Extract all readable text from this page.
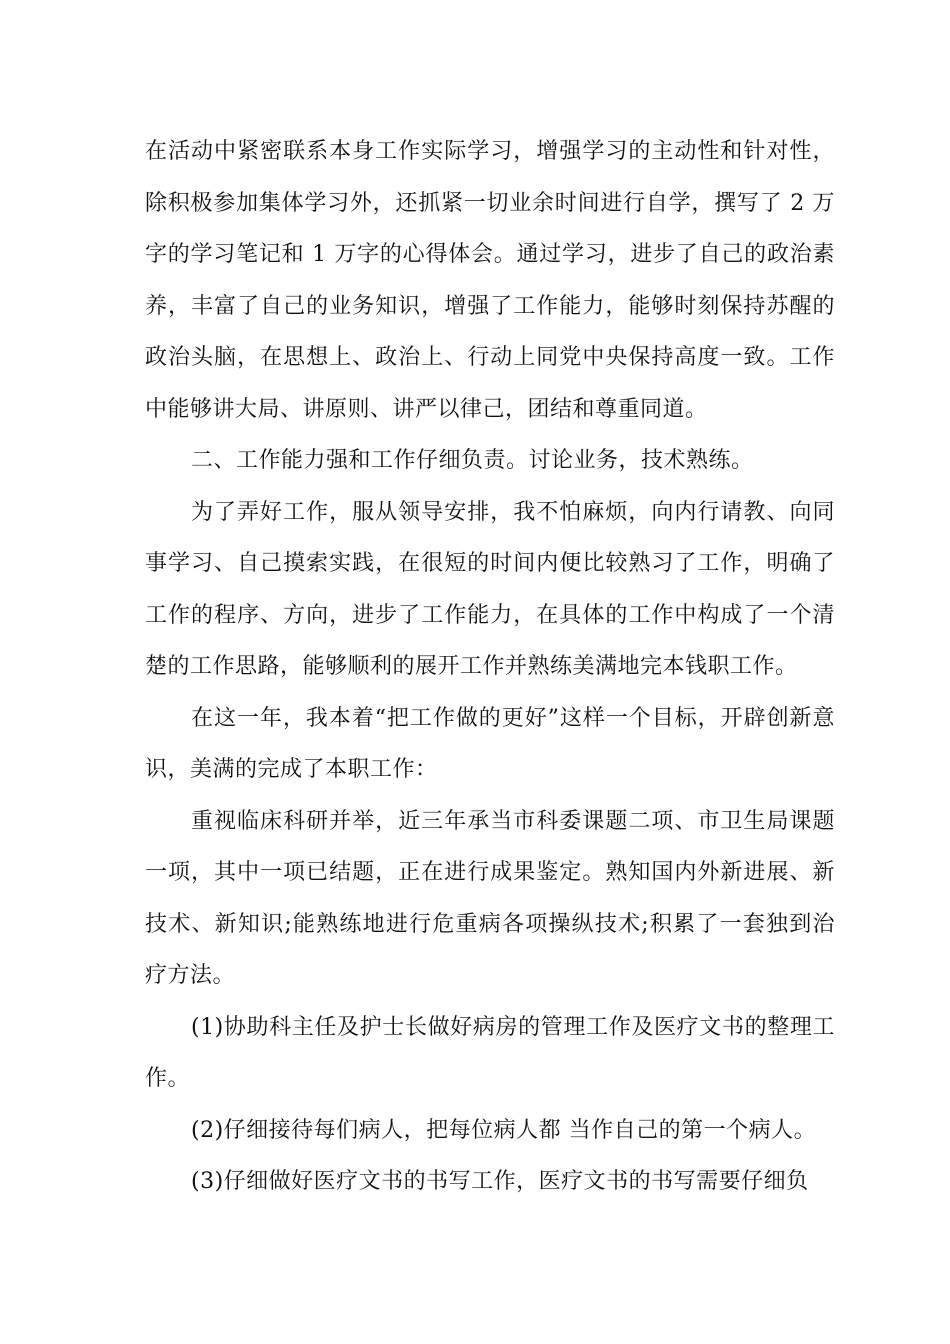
在活动中紧密联系本身工作实际学习，增强学习的主动性和针对性，除积极参加集体学习外，还抓紧一切业余时间进行自学，撰写了 2 万字的学习笔记和 1 万字的心得体会。通过学习，进步了自己的政治素养，丰富了自己的业务知识，增强了工作能力，能够时刻保持苏醒的政治头脑，在思想上、政治上、行动上同党中央保持高度一致。工作中能够讲大局、讲原则、讲严以律己，团结和尊重同道。

二、工作能力强和工作仔细负责。讨论业务，技术熟练。

为了弄好工作，服从领导安排，我不怕麻烦，向内行请教、向同事学习、自己摸索实践，在很短的时间内便比较熟习了工作，明确了工作的程序、方向，进步了工作能力，在具体的工作中构成了一个清楚的工作思路，能够顺利的展开工作并熟练美满地完本钱职工作。

在这一年，我本着“把工作做的更好”这样一个目标，开辟创新意识，美满的完成了本职工作：

重视临床科研并举，近三年承当市科委课题二项、市卫生局课题一项，其中一项已结题，正在进行成果鉴定。熟知国内外新进展、新技术、新知识;能熟练地进行危重病各项操纵技术;积累了一套独到治疗方法。

(1)协助科主任及护士长做好病房的管理工作及医疗文书的整理工作。

(2)仔细接待每们病人，把每位病人都 当作自己的第一个病人。

(3)仔细做好医疗文书的书写工作，医疗文书的书写需要仔细负
